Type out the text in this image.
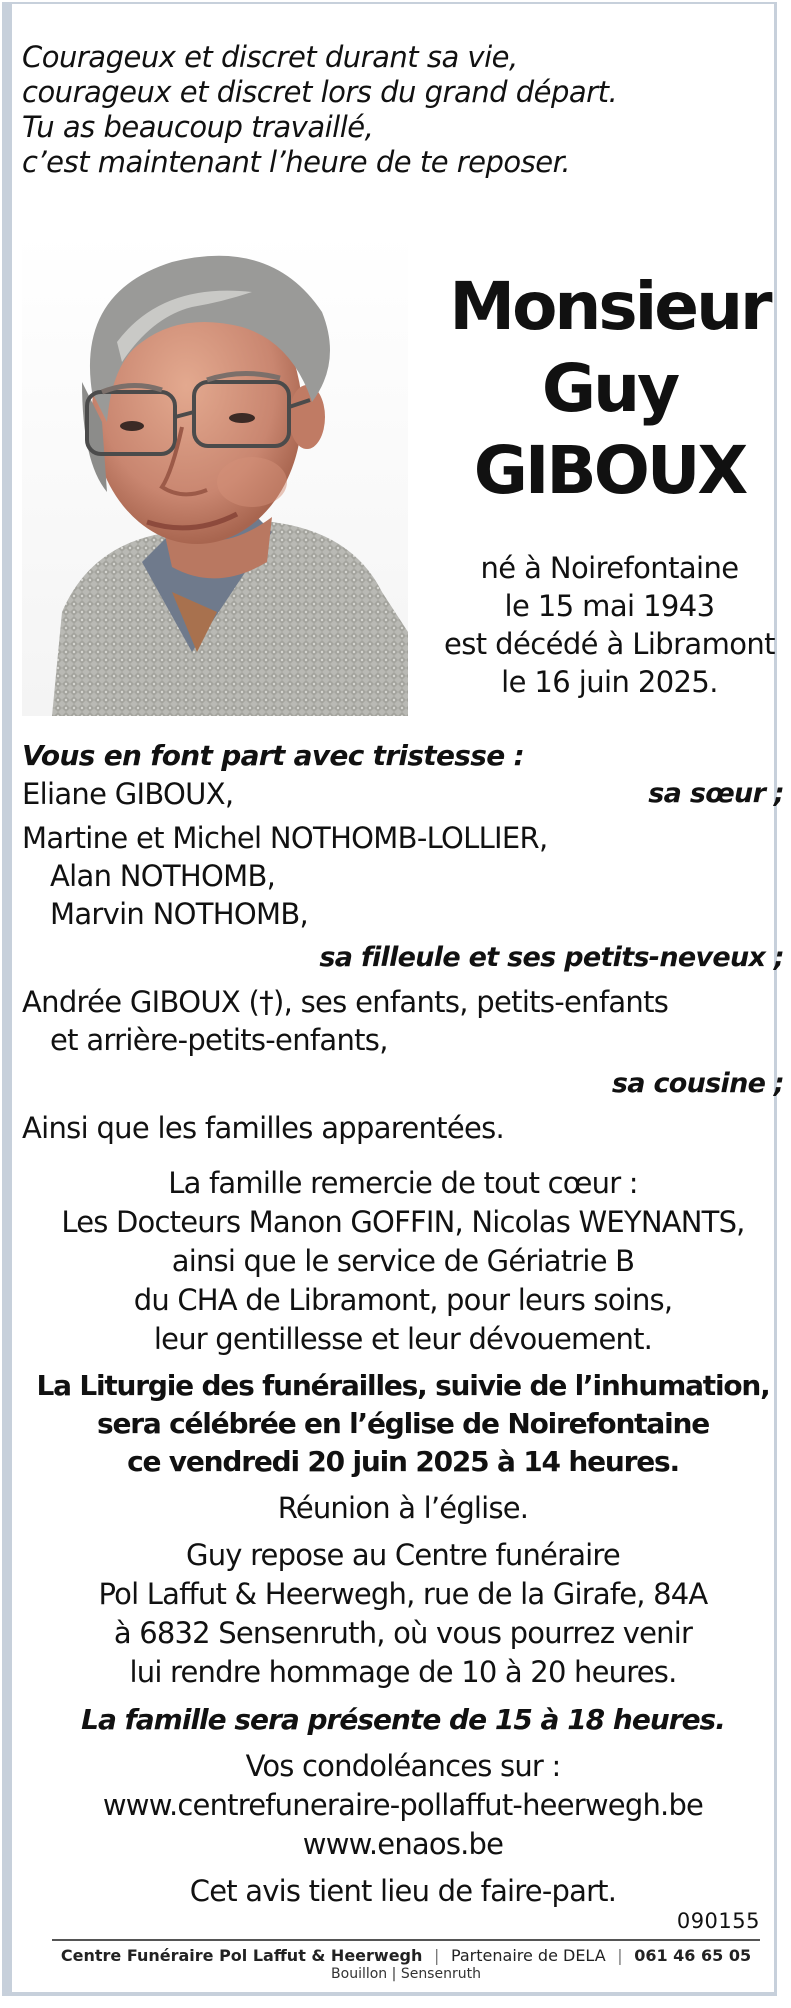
Courageux et discret durant sa vie,
courageux et discret lors du grand départ.
Tu as beaucoup travaillé,
c’est maintenant l’heure de te reposer.
Monsieur
Guy
GIBOUX
né à Noirefontaine
le 15 mai 1943
est décédé à Libramont
le 16 juin 2025.
Vous en font part avec tristesse :
Eliane GIBOUX,	sa sœur ;
Martine et Michel NOTHOMB-LOLLIER,
Alan NOTHOMB,
Marvin NOTHOMB,
sa filleule et ses petits-neveux ;
Andrée GIBOUX (†), ses enfants, petits-enfants
et arrière-petits-enfants,
sa cousine ;
Ainsi que les familles apparentées.
La famille remercie de tout cœur :
Les Docteurs Manon GOFFIN, Nicolas WEYNANTS,
ainsi que le service de Gériatrie B
du CHA de Libramont, pour leurs soins,
leur gentillesse et leur dévouement.
La Liturgie des funérailles, suivie de l’inhumation,
sera célébrée en l’église de Noirefontaine
ce vendredi 20 juin 2025 à 14 heures.
Réunion à l’église.
Guy repose au Centre funéraire
Pol Laffut & Heerwegh, rue de la Girafe, 84A
à 6832 Sensenruth, où vous pourrez venir
lui rendre hommage de 10 à 20 heures.
La famille sera présente de 15 à 18 heures.
Vos condoléances sur :
www.centrefuneraire-pollaffut-heerwegh.be
www.enaos.be
Cet avis tient lieu de faire-part.
090155
Centre Funéraire Pol Laffut & Heerwegh | Partenaire de DELA | 061 46 65 05
Bouillon | Sensenruth
